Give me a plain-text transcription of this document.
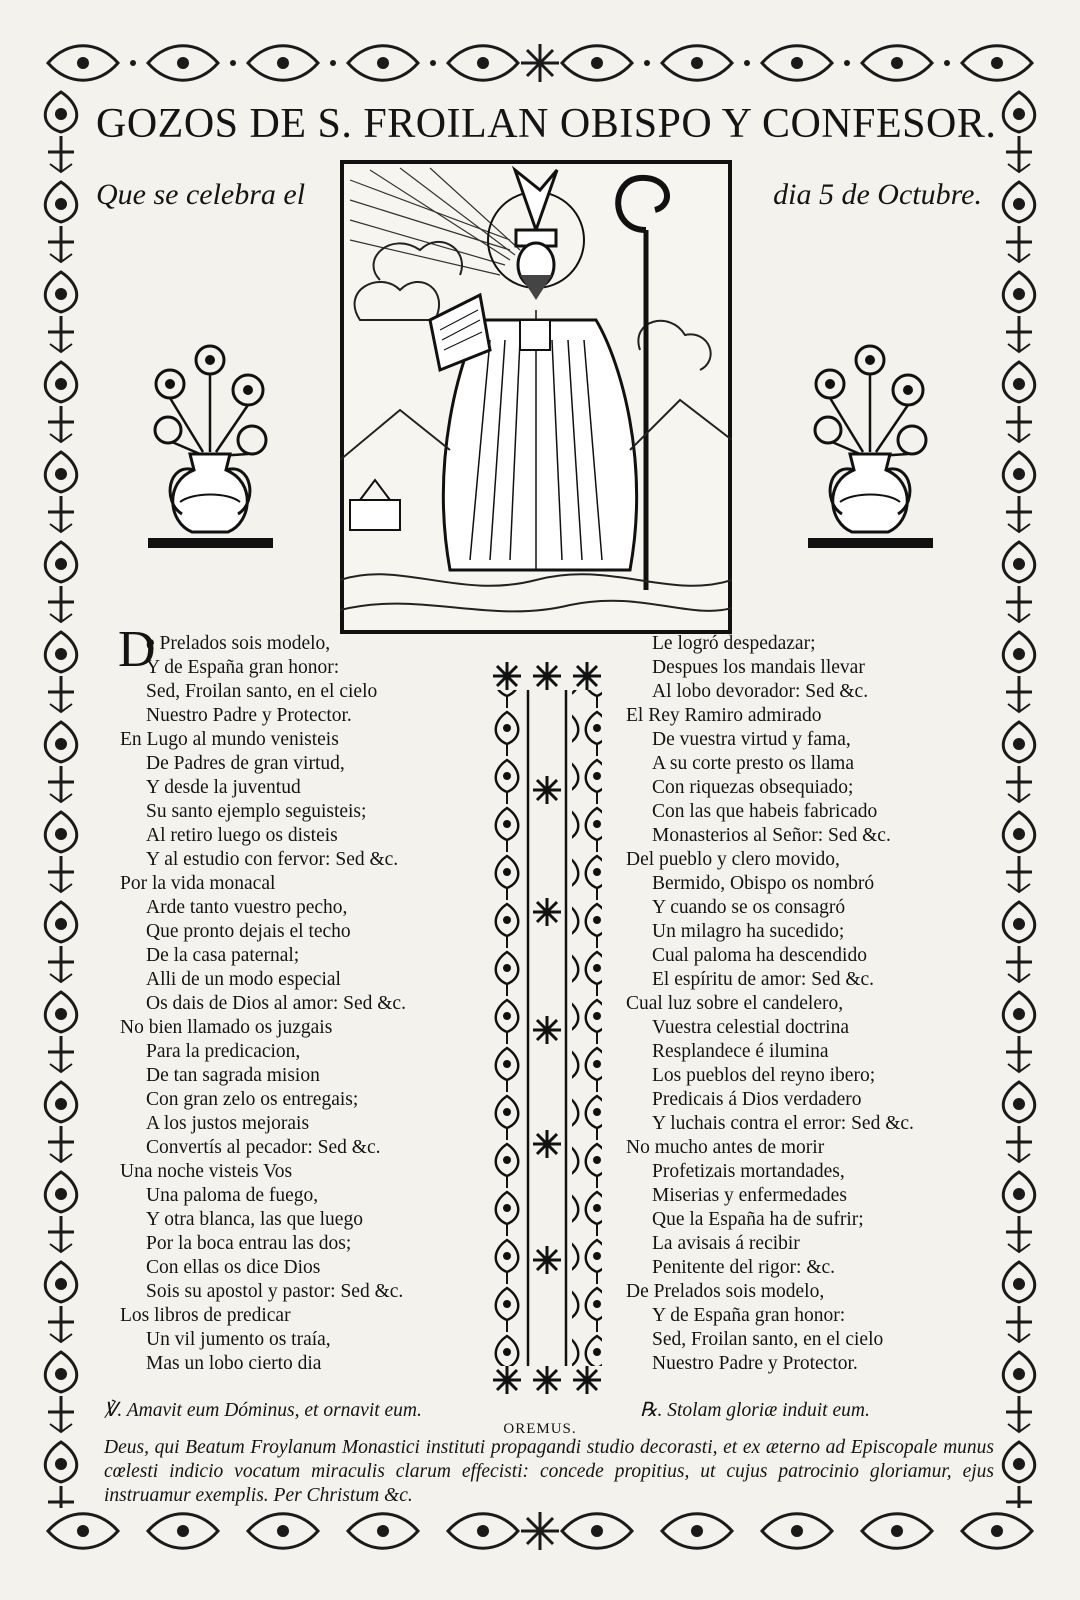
GOZOS DE S. FROILAN OBISPO Y CONFESOR.
Que se celebra el	dia 5 de Octubre.
D
e Prelados sois modelo,
Y de España gran honor:
Sed, Froilan santo, en el cielo
Nuestro Padre y Protector.
En Lugo al mundo venisteis
De Padres de gran virtud,
Y desde la juventud
Su santo ejemplo seguisteis;
Al retiro luego os disteis
Y al estudio con fervor: Sed &c.
Por la vida monacal
Arde tanto vuestro pecho,
Que pronto dejais el techo
De la casa paternal;
Alli de un modo especial
Os dais de Dios al amor: Sed &c.
No bien llamado os juzgais
Para la predicacion,
De tan sagrada mision
Con gran zelo os entregais;
A los justos mejorais
Convertís al pecador: Sed &c.
Una noche visteis Vos
Una paloma de fuego,
Y otra blanca, las que luego
Por la boca entrau las dos;
Con ellas os dice Dios
Sois su apostol y pastor: Sed &c.
Los libros de predicar
Un vil jumento os traía,
Mas un lobo cierto dia
Le logró despedazar;
Despues los mandais llevar
Al lobo devorador: Sed &c.
El Rey Ramiro admirado
De vuestra virtud y fama,
A su corte presto os llama
Con riquezas obsequiado;
Con las que habeis fabricado
Monasterios al Señor: Sed &c.
Del pueblo y clero movido,
Bermido, Obispo os nombró
Y cuando se os consagró
Un milagro ha sucedido;
Cual paloma ha descendido
El espíritu de amor: Sed &c.
Cual luz sobre el candelero,
Vuestra celestial doctrina
Resplandece é ilumina
Los pueblos del reyno ibero;
Predicais á Dios verdadero
Y luchais contra el error: Sed &c.
No mucho antes de morir
Profetizais mortandades,
Miserias y enfermedades
Que la España ha de sufrir;
La avisais á recibir
Penitente del rigor: &c.
De Prelados sois modelo,
Y de España gran honor:
Sed, Froilan santo, en el cielo
Nuestro Padre y Protector.
℣. Amavit eum Dóminus, et ornavit eum.	℞. Stolam gloriæ induit eum.
OREMUS.
Deus, qui Beatum Froylanum Monastici instituti propagandi studio decorasti, et ex æterno ad Episcopale munus cœlesti indicio vocatum miraculis clarum effecisti: concede propitius, ut cujus patrocinio gloriamur, ejus instruamur exemplis. Per Christum &c.
